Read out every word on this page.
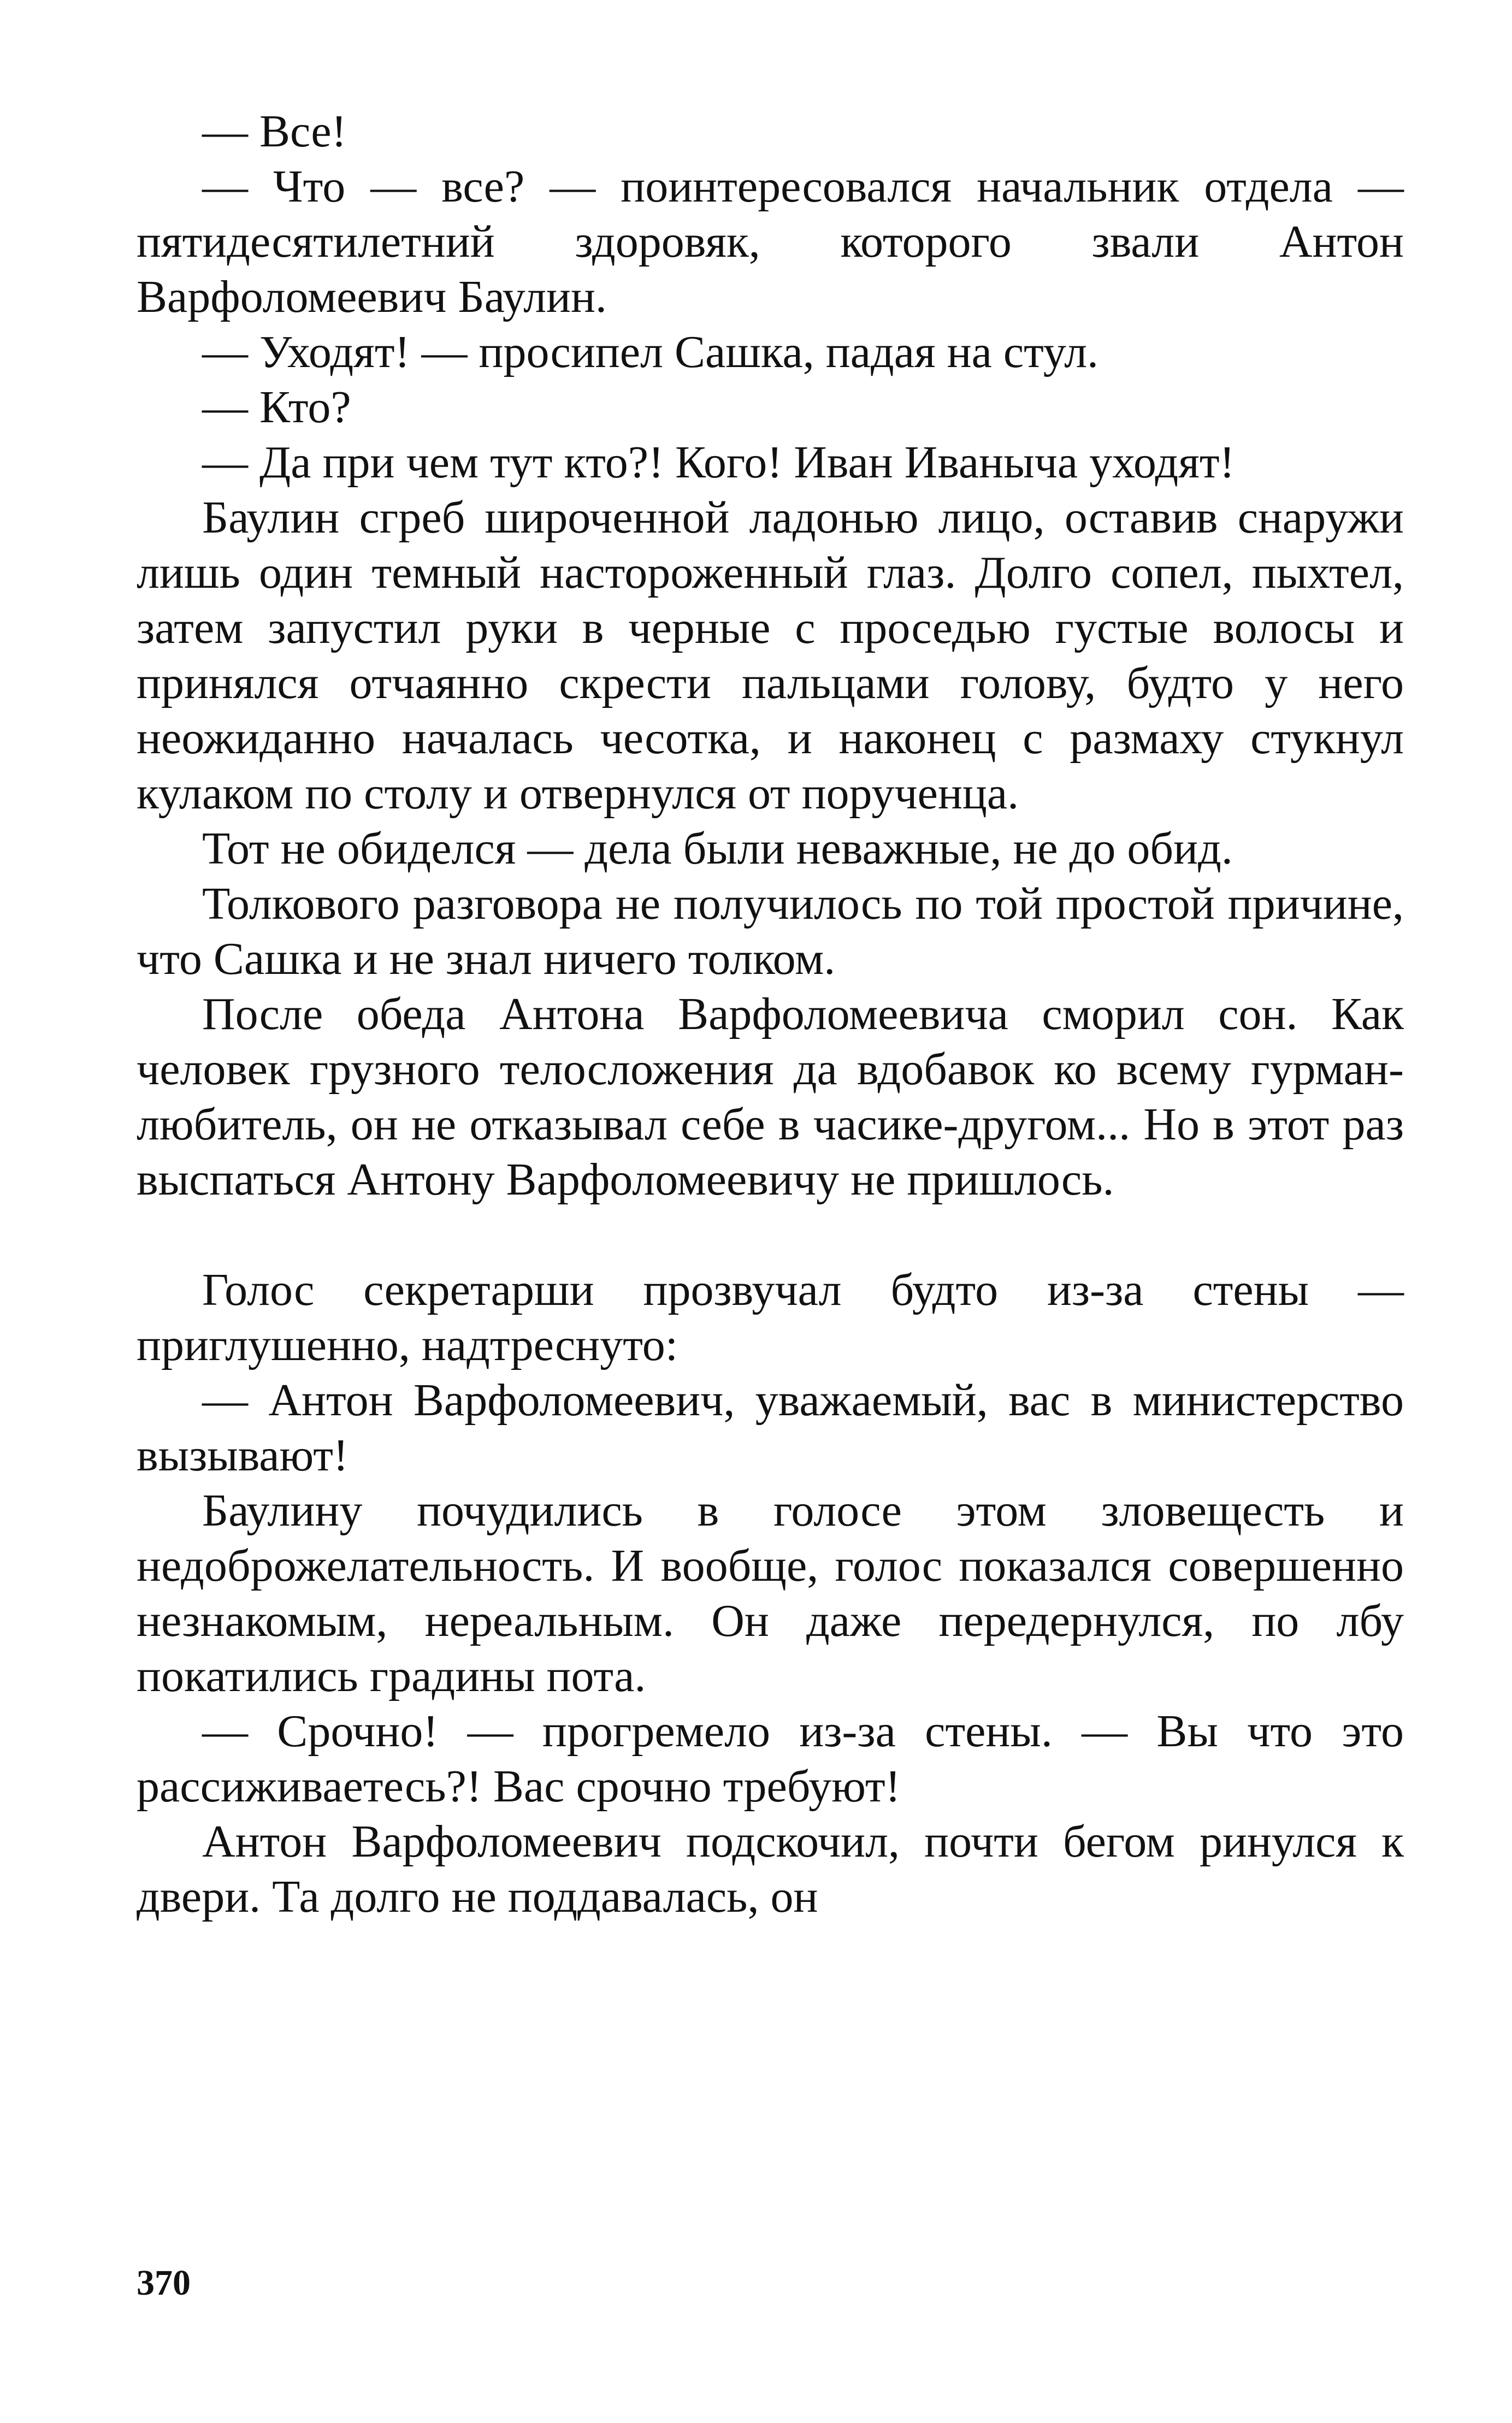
— Все!

— Что — все? — поинтересовался начальник отдела — пятидесятилетний здоровяк, которого звали Антон Варфоломеевич Баулин.

— Уходят! — просипел Сашка, падая на стул.

— Кто?

— Да при чем тут кто?! Кого! Иван Иваныча уходят!

Баулин сгреб широченной ладонью лицо, оставив снаружи лишь один темный настороженный глаз. Долго сопел, пыхтел, затем запустил руки в черные с проседью густые волосы и принялся отчаянно скрести пальцами голову, будто у него неожиданно началась чесотка, и наконец с размаху стукнул кулаком по столу и отвернулся от порученца.

Тот не обиделся — дела были неважные, не до обид.

Толкового разговора не получилось по той простой причине, что Сашка и не знал ничего толком.

После обеда Антона Варфоломеевича сморил сон. Как человек грузного телосложения да вдобавок ко всему гурман-любитель, он не отказывал себе в часике-другом... Но в этот раз выспаться Антону Варфоломеевичу не пришлось.

Голос секретарши прозвучал будто из-за стены — приглушенно, надтреснуто:

— Антон Варфоломеевич, уважаемый, вас в министерство вызывают!

Баулину почудились в голосе этом зловещесть и недоброжелательность. И вообще, голос показался совершенно незнакомым, нереальным. Он даже передернулся, по лбу покатились градины пота.

— Срочно! — прогремело из-за стены. — Вы что это рассиживаетесь?! Вас срочно требуют!

Антон Варфоломеевич подскочил, почти бегом ринулся к двери. Та долго не поддавалась, он

370
